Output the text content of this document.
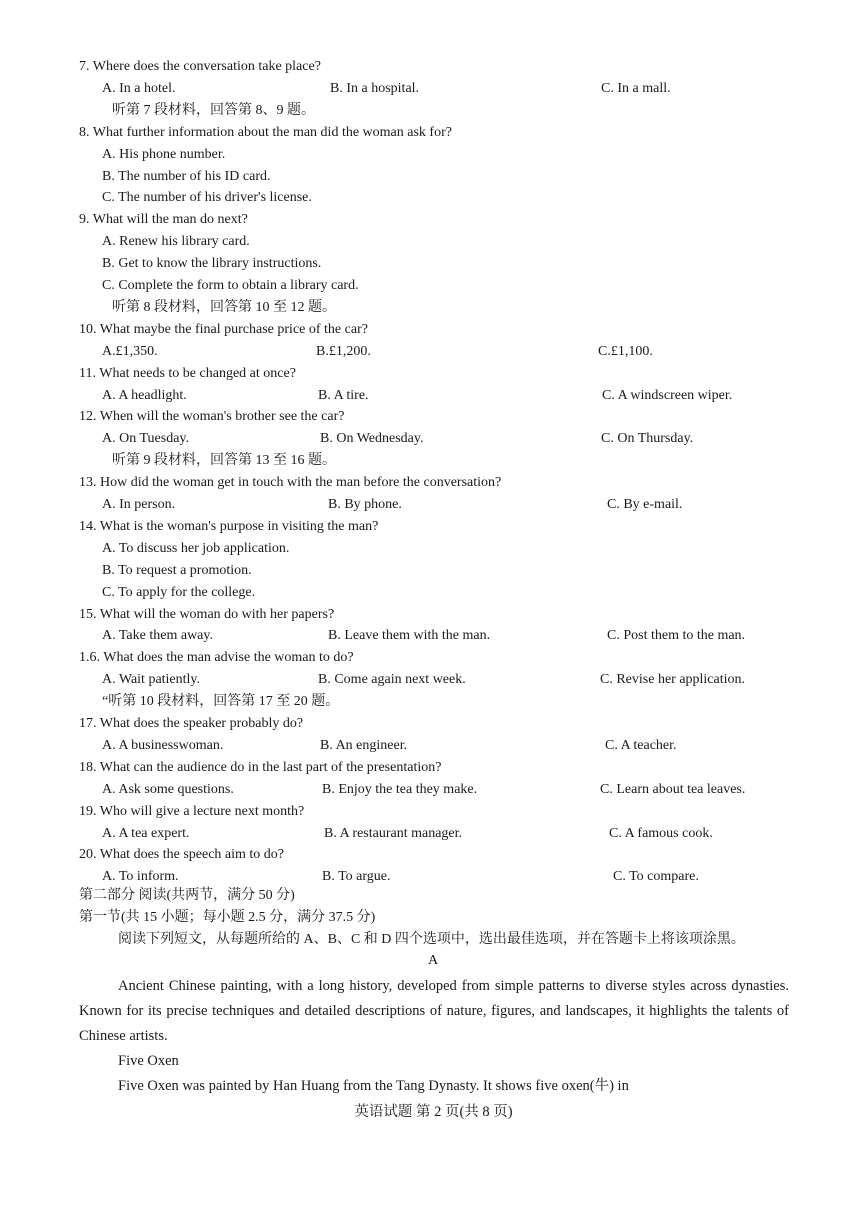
7. Where does the conversation take place?
A. In a hotel.	B. In a hospital.	C. In a mall.
听第 7 段材料，回答第 8、9 题。
8. What further information about the man did the woman ask for?
A. His phone number.
B. The number of his ID card.
C. The number of his driver's license.
9. What will the man do next?
A. Renew his library card.
B. Get to know the library instructions.
C. Complete the form to obtain a library card.
听第 8 段材料，回答第 10 至 12 题。
10. What maybe the final purchase price of the car?
A.£1,350.	B.£1,200.	C.£1,100.
11. What needs to be changed at once?
A. A headlight.	B. A tire.	C. A windscreen wiper.
12. When will the woman's brother see the car?
A. On Tuesday.	B. On Wednesday.	C. On Thursday.
听第 9 段材料，回答第 13 至 16 题。
13. How did the woman get in touch with the man before the conversation?
A. In person.	B. By phone.	C. By e-mail.
14. What is the woman's purpose in visiting the man?
A. To discuss her job application.
B. To request a promotion.
C. To apply for the college.
15. What will the woman do with her papers?
A. Take them away.	B. Leave them with the man.	C. Post them to the man.
1.6. What does the man advise the woman to do?
A. Wait patiently.	B. Come again next week.	C. Revise her application.
“听第 10 段材料，回答第 17 至 20 题。
17. What does the speaker probably do?
A. A businesswoman.	B. An engineer.	C. A teacher.
18. What can the audience do in the last part of the presentation?
A. Ask some questions.	B. Enjoy the tea they make.	C. Learn about tea leaves.
19. Who will give a lecture next month?
A. A tea expert.	B. A restaurant manager.	C. A famous cook.
20. What does the speech aim to do?
A. To inform.	B. To argue.	C. To compare.
第二部分 阅读(共两节，满分 50 分)
第一节(共 15 小题；每小题 2.5 分，满分 37.5 分)
阅读下列短文，从每题所给的 A、B、C 和 D 四个选项中，选出最佳选项，并在答题卡上将该项涂黑。
A

Ancient Chinese painting, with a long history, developed from simple patterns to diverse styles across dynasties. Known for its precise techniques and detailed descriptions of nature, figures, and landscapes, it highlights the talents of Chinese artists.

Five Oxen

Five Oxen was painted by Han Huang from the Tang Dynasty. It shows five oxen(牛) in

英语试题 第 2 页(共 8 页)
